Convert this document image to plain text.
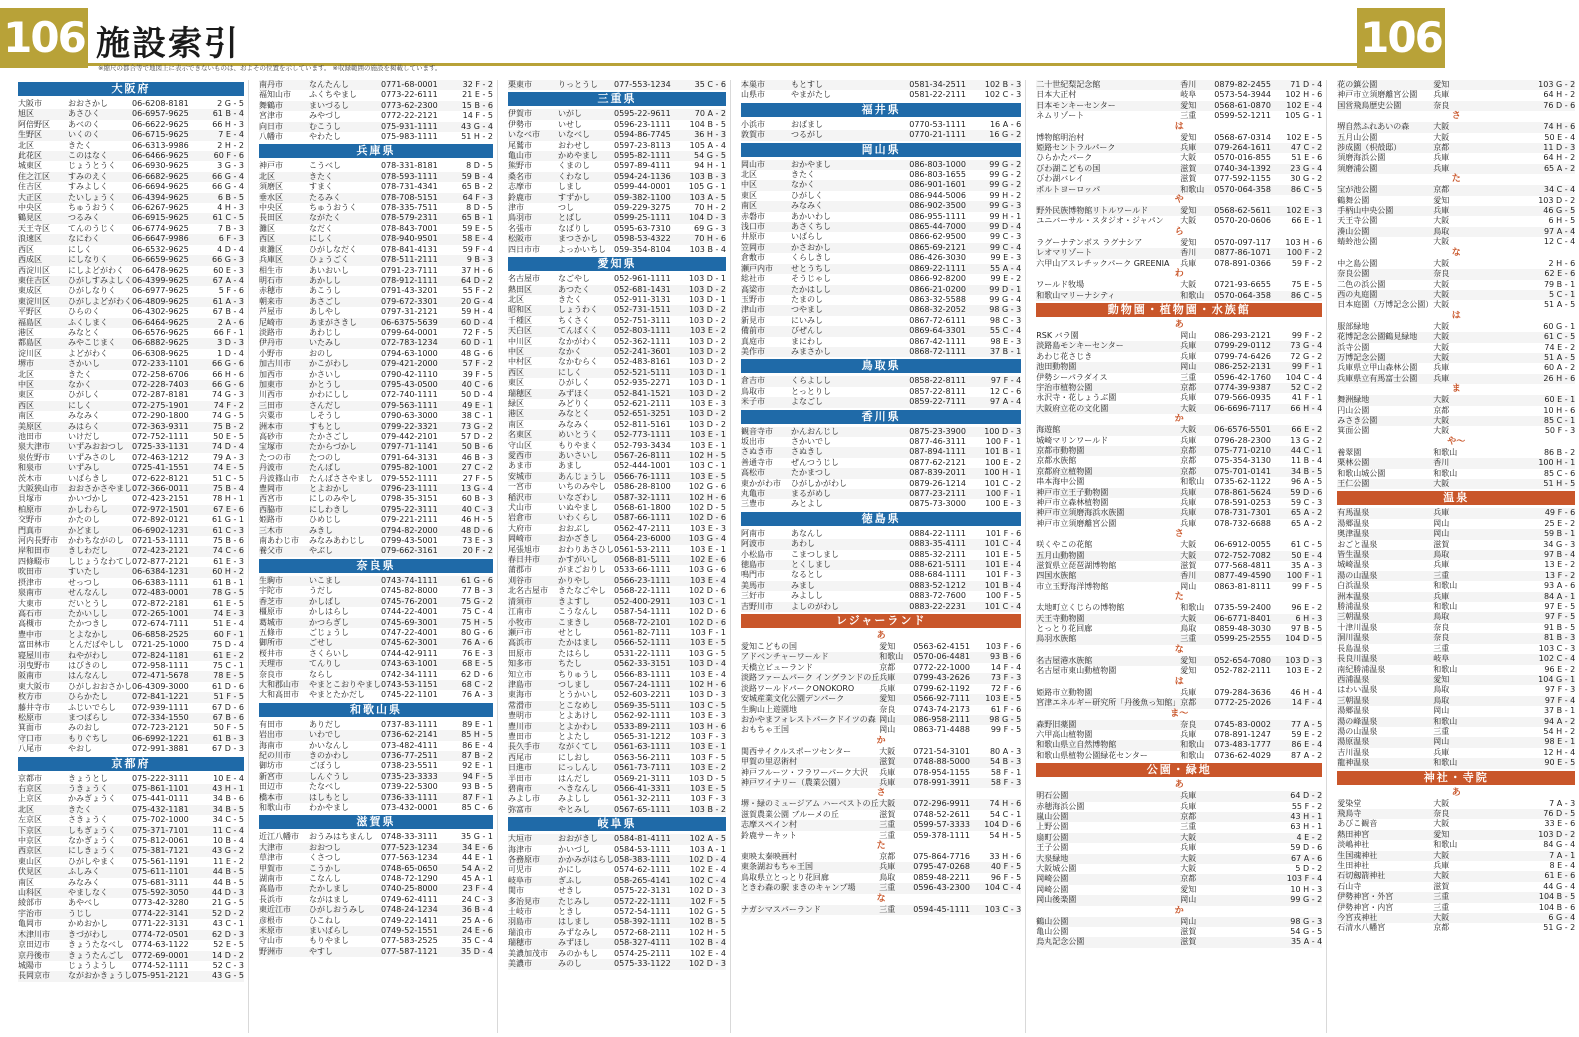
106	106
施設索引
※縮尺の都合等で地図上に表示できないものは、およその位置を示しています。 ※収録範囲の施設を掲載しています。
大阪府
大阪市	おおさかし	06-6208-8181	2 G - 5
旭区	あさひく	06-6957-9625	61 B - 4
阿倍野区	あべのく	06-6622-9625	66 H - 3
生野区	いくのく	06-6715-9625	7 E - 4
北区	きたく	06-6313-9986	2 H - 2
此花区	このはなく	06-6466-9625	60 F - 6
城東区	じょうとうく	06-6930-9625	3 G - 3
住之江区	すみのえく	06-6682-9625	66 G - 4
住吉区	すみよしく	06-6694-9625	66 G - 4
大正区	たいしょうく	06-4394-9625	6 B - 5
中央区	ちゅうおうく	06-6267-9625	4 H - 3
鶴見区	つるみく	06-6915-9625	61 C - 5
天王寺区	てんのうじく	06-6774-9625	7 B - 3
浪速区	なにわく	06-6647-9986	6 F - 3
西区	にしく	06-6532-9625	4 D - 4
西成区	にしなりく	06-6659-9625	66 G - 3
西淀川区	にしよどがわく	06-6478-9625	60 E - 3
東住吉区	ひがしすみよしく 06-4399-9625	67 A - 4
東成区	ひがしなりく	06-6977-9625	5 F - 6
東淀川区	ひがしよどがわく 06-4809-9625	61 A - 3
平野区	ひらのく	06-4302-9625	67 B - 4
福島区	ふくしまく	06-6464-9625	2 A - 6
港区	みなとく	06-6576-9625	66 F - 1
都島区	みやこじまく	06-6882-9625	3 D - 3
淀川区	よどがわく	06-6308-9625	1 D - 4
堺市	さかいし	072-233-1101	66 G - 6
北区	きたく	072-258-6706	66 H - 6
中区	なかく	072-228-7403	66 G - 6
東区	ひがしく	072-287-8181	74 G - 3
西区	にしく	072-275-1901	74 F - 2
南区	みなみく	072-290-1800	74 G - 5
美原区	みはらく	072-363-9311	75 B - 2
池田市	いけだし	072-752-1111	50 E - 5
泉大津市	いずみおおつし	0725-33-1131	74 D - 4
泉佐野市	いずみさのし	072-463-1212	79 A - 3
和泉市	いずみし	0725-41-1551	74 E - 5
茨木市	いばらきし	072-622-8121	51 C - 5
大阪狭山市	おおさかさやまし 072-366-0011	75 B - 4
貝塚市	かいづかし	072-423-2151	78 H - 1
柏原市	かしわらし	072-972-1501	67 E - 6
交野市	かたのし	072-892-0121	61 G - 1
門真市	かどまし	06-6902-1231	61 C - 3
河内長野市	かわちながのし	0721-53-1111	75 B - 6
岸和田市	きしわだし	072-423-2121	74 C - 6
四條畷市	しじょうなわてし 072-877-2121	61 E - 3
吹田市	すいたし	06-6384-1231	60 H - 2
摂津市	せっつし	06-6383-1111	61 B - 1
泉南市	せんなんし	072-483-0001	78 G - 5
大東市	だいとうし	072-872-2181	61 E - 5
高石市	たかいしし	072-265-1001	74 E - 3
高槻市	たかつきし	072-674-7111	51 E - 4
豊中市	とよなかし	06-6858-2525	60 F - 1
富田林市	とんだばやしし	0721-25-1000	75 D - 4
寝屋川市	ねやがわし	072-824-1181	61 E - 2
羽曳野市	はびきのし	072-958-1111	75 C - 1
阪南市	はんなんし	072-471-5678	78 E - 5
東大阪市	ひがしおおさかし 06-4309-3000	61 D - 6
枚方市	ひらかたし	072-841-1221	51 F - 5
藤井寺市	ふじいでらし	072-939-1111	67 D - 6
松原市	まつばらし	072-334-1550	67 B - 6
箕面市	みのおし	072-723-2121	50 F - 5
守口市	もりぐちし	06-6992-1221	61 B - 3
八尾市	やおし	072-991-3881	67 D - 3
京都府
京都市	きょうとし	075-222-3111	10 E - 4
右京区	うきょうく	075-861-1101	43 H - 1
上京区	かみぎょうく	075-441-0111	34 B - 6
北区	きたく	075-432-1181	34 B - 5
左京区	さきょうく	075-702-1000	34 C - 5
下京区	しもぎょうく	075-371-7101	11 C - 4
中京区	なかぎょうく	075-812-0061	10 B - 4
西京区	にしきょうく	075-381-7121	43 G - 2
東山区	ひがしやまく	075-561-1191	11 E - 2
伏見区	ふしみく	075-611-1101	44 B - 5
南区	みなみく	075-681-3111	44 B - 5
山科区	やましなく	075-592-3050	44 D - 3
綾部市	あやべし	0773-42-3280	21 G - 5
宇治市	うじし	0774-22-3141	52 D - 2
亀岡市	かめおかし	0771-22-3131	43 C - 1
木津川市	きづがわし	0774-72-0501	62 D - 3
京田辺市	きょうたなべし	0774-63-1122	52 E - 5
京丹後市	きょうたんごし	0772-69-0001	14 D - 2
城陽市	じょうようし	0774-52-1111	52 C - 3
長岡京市	ながおかきょうし 075-951-2121	43 G - 5
南丹市	なんたんし	0771-68-0001	32 F - 2
福知山市	ふくちやまし	0773-22-6111	21 E - 5
舞鶴市	まいづるし	0773-62-2300	15 B - 6
宮津市	みやづし	0772-22-2121	14 F - 5
向日市	むこうし	075-931-1111	43 G - 4
八幡市	やわたし	075-983-1111	51 H - 2
兵庫県
神戸市	こうべし	078-331-8181	8 D - 5
北区	きたく	078-593-1111	59 B - 4
須磨区	すまく	078-731-4341	65 B - 2
垂水区	たるみく	078-708-5151	64 F - 3
中央区	ちゅうおうく	078-335-7511	8 D - 5
長田区	ながたく	078-579-2311	65 B - 1
灘区	なだく	078-843-7001	59 E - 5
西区	にしく	078-940-9501	58 E - 4
東灘区	ひがしなだく	078-841-4131	59 F - 4
兵庫区	ひょうごく	078-511-2111	9 B - 3
相生市	あいおいし	0791-23-7111	37 H - 6
明石市	あかしし	078-912-1111	64 D - 2
赤穂市	あこうし	0791-43-3201	55 F - 2
朝来市	あさごし	079-672-3301	20 G - 4
芦屋市	あしやし	0797-31-2121	59 H - 4
尼崎市	あまがさきし	06-6375-5639	60 D - 4
淡路市	あわじし	0799-64-0001	72 F - 5
伊丹市	いたみし	072-783-1234	60 D - 1
小野市	おのし	0794-63-1000	48 G - 6
加古川市	かこがわし	079-421-2000	57 F - 2
加西市	かさいし	0790-42-1110	39 F - 5
加東市	かとうし	0795-43-0500	40 C - 6
川西市	かわにしし	072-740-1111	50 D - 4
三田市	さんだし	079-563-1111	49 E - 1
宍粟市	しそうし	0790-63-3000	38 C - 1
洲本市	すもとし	0799-22-3321	73 G - 2
高砂市	たかさごし	079-442-2101	57 D - 2
宝塚市	たからづかし	0797-71-1141	50 B - 6
たつの市	たつのし	0791-64-3131	46 B - 3
丹波市	たんばし	0795-82-1001	27 C - 2
丹波篠山市	たんばささやまし	079-552-1111	27 F - 5
豊岡市	とよおかし	0796-23-1111	13 G - 4
西宮市	にしのみやし	0798-35-3151	60 B - 3
西脇市	にしわきし	0795-22-3111	40 C - 3
姫路市	ひめじし	079-221-2111	46 H - 5
三木市	みきし	0794-82-2000	48 D - 6
南あわじ市	みなみあわじし	0799-43-5001	73 E - 3
養父市	やぶし	079-662-3161	20 F - 2
奈良県
生駒市	いこまし	0743-74-1111	61 G - 6
宇陀市	うだし	0745-82-8000	77 B - 3
香芝市	かしばし	0745-76-2001	75 G - 2
橿原市	かしはらし	0744-22-4001	75 C - 4
葛城市	かつらぎし	0745-69-3001	75 H - 5
五條市	ごじょうし	0747-22-4001	80 G - 6
御所市	ごせし	0745-62-3001	76 A - 6
桜井市	さくらいし	0744-42-9111	76 E - 3
天理市	てんりし	0743-63-1001	68 E - 5
奈良市	ならし	0742-34-1111	62 D - 6
大和郡山市	やまとこおりやまし 0743-53-1151	68 C - 2
大和高田市	やまとたかだし	0745-22-1101	76 A - 3
和歌山県
有田市	ありだし	0737-83-1111	89 E - 1
岩出市	いわでし	0736-62-2141	85 H - 5
海南市	かいなんし	073-482-4111	86 E - 4
紀の川市	きのかわし	0736-77-2511	87 B - 2
御坊市	ごぼうし	0738-23-5511	92 E - 1
新宮市	しんぐうし	0735-23-3333	94 F - 5
田辺市	たなべし	0739-22-5300	93 B - 5
橋本市	はしもとし	0736-33-1111	87 F - 1
和歌山市	わかやまし	073-432-0001	85 C - 6
滋賀県
近江八幡市	おうみはちまんし	0748-33-3111	35 G - 1
大津市	おおつし	077-523-1234	34 E - 6
草津市	くさつし	077-563-1234	44 E - 1
甲賀市	こうかし	0748-65-0650	54 A - 2
湖南市	こなんし	0748-72-1290	45 A - 1
高島市	たかしまし	0740-25-8000	23 F - 4
長浜市	ながはまし	0749-62-4111	24 C - 3
東近江市	ひがしおうみし	0748-24-1234	36 B - 4
彦根市	ひこねし	0749-22-1411	25 A - 6
米原市	まいばらし	0749-52-1551	24 E - 6
守山市	もりやまし	077-583-2525	35 C - 4
野洲市	やすし	077-587-1121	35 D - 4
栗東市	りっとうし	077-553-1234	35 C - 6
三重県
伊賀市	いがし	0595-22-9611	70 A - 2
伊勢市	いせし	0596-23-1111	104 B - 5
いなべ市	いなべし	0594-86-7745	36 H - 3
尾鷲市	おわせし	0597-23-8113	105 A - 4
亀山市	かめやまし	0595-82-1111	54 G - 5
熊野市	くまのし	0597-89-4111	94 H - 1
桑名市	くわなし	0594-24-1136	103 B - 3
志摩市	しまし	0599-44-0001	105 G - 1
鈴鹿市	すずかし	059-382-1100	103 A - 5
津市	つし	059-229-3275	70 H - 2
鳥羽市	とばし	0599-25-1111	104 D - 3
名張市	なばりし	0595-63-7310	69 G - 3
松阪市	まつさかし	0598-53-4322	70 H - 6
四日市市	よっかいちし	059-354-8104	103 B - 4
愛知県
名古屋市	なごやし	052-961-1111	103 D - 1
熱田区	あつたく	052-681-1431	103 D - 2
北区	きたく	052-911-3131	103 D - 1
昭和区	しょうわく	052-731-1511	103 D - 2
千種区	ちくさく	052-751-3111	103 D - 2
天白区	てんぱくく	052-803-1111	103 E - 2
中川区	なかがわく	052-362-1111	103 D - 2
中区	なかく	052-241-3601	103 D - 2
中村区	なかむらく	052-483-8161	103 D - 2
西区	にしく	052-521-5111	103 D - 1
東区	ひがしく	052-935-2271	103 D - 1
瑞穂区	みずほく	052-841-1521	103 D - 2
緑区	みどりく	052-621-2111	103 E - 3
港区	みなとく	052-651-3251	103 D - 2
南区	みなみく	052-811-5161	103 D - 2
名東区	めいとうく	052-773-1111	103 E - 1
守山区	もりやまく	052-793-3434	103 E - 1
愛西市	あいさいし	0567-26-8111	102 H - 5
あま市	あまし	052-444-1001	103 C - 1
安城市	あんじょうし	0566-76-1111	103 E - 5
一宮市	いちのみやし	0586-28-8100	102 G - 6
稲沢市	いなざわし	0587-32-1111	102 H - 6
犬山市	いぬやまし	0568-61-1800	102 D - 5
岩倉市	いわくらし	0587-66-1111	102 D - 6
大府市	おおぶし	0562-47-2111	103 E - 3
岡崎市	おかざきし	0564-23-6000	103 G - 4
尾張旭市	おわりあさひし 0561-53-2111	103 E - 1
春日井市	かすがいし	0568-81-5111	102 E - 6
蒲郡市	がまごおりし	0533-66-1111	103 G - 6
刈谷市	かりやし	0566-23-1111	103 E - 4
北名古屋市	きたなごやし	0568-22-1111	102 D - 6
清須市	きよすし	052-400-2911	103 C - 1
江南市	こうなんし	0587-54-1111	102 D - 6
小牧市	こまきし	0568-72-2101	102 D - 6
瀬戸市	せとし	0561-82-7111	103 F - 1
高浜市	たかはまし	0566-52-1111	103 E - 5
田原市	たはらし	0531-22-1111	103 G - 5
知多市	ちたし	0562-33-3151	103 D - 4
知立市	ちりゅうし	0566-83-1111	103 E - 4
津島市	つしまし	0567-24-1111	102 H - 6
東海市	とうかいし	052-603-2211	103 D - 3
常滑市	とこなめし	0569-35-5111	103 C - 5
豊明市	とよあけし	0562-92-1111	103 E - 3
豊川市	とよかわし	0533-89-2111	103 H - 6
豊田市	とよたし	0565-31-1212	103 F - 3
長久手市	ながくてし	0561-63-1111	103 E - 1
西尾市	にしおし	0563-56-2111	103 F - 5
日進市	にっしんし	0561-73-7111	103 E - 2
半田市	はんだし	0569-21-3111	103 D - 5
碧南市	へきなんし	0566-41-3311	103 E - 5
みよし市	みよしし	0561-32-2111	103 F - 3
弥富市	やとみし	0567-65-1111	103 B - 2
岐阜県
大垣市	おおがきし	0584-81-4111	102 A - 5
海津市	かいづし	0584-53-1111	103 A - 1
各務原市	かかみがはらし 058-383-1111	102 D - 4
可児市	かにし	0574-62-1111	102 E - 4
岐阜市	ぎふし	058-265-4141	102 C - 4
関市	せきし	0575-22-3131	102 D - 3
多治見市	たじみし	0572-22-1111	102 F - 5
土岐市	ときし	0572-54-1111	102 G - 5
羽島市	はしまし	058-392-1111	102 B - 5
瑞浪市	みずなみし	0572-68-2111	102 H - 5
瑞穂市	みずほし	058-327-4111	102 B - 4
美濃加茂市	みのかもし	0574-25-2111	102 E - 4
美濃市	みのし	0575-33-1122	102 D - 3
本巣市	もとすし	0581-34-2511	102 B - 3
山県市	やまがたし	0581-22-2111	102 C - 3
福井県
小浜市	おばまし	0770-53-1111	16 A - 6
敦賀市	つるがし	0770-21-1111	16 G - 2
岡山県
岡山市	おかやまし	086-803-1000	99 G - 2
北区	きたく	086-803-1655	99 G - 2
中区	なかく	086-901-1601	99 G - 2
東区	ひがしく	086-944-5006	99 H - 2
南区	みなみく	086-902-3500	99 G - 3
赤磐市	あかいわし	086-955-1111	99 H - 1
浅口市	あさくちし	0865-44-7000	99 D - 4
井原市	いばらし	0866-62-9500	99 C - 3
笠岡市	かさおかし	0865-69-2121	99 C - 4
倉敷市	くらしきし	086-426-3030	99 E - 3
瀬戸内市	せとうちし	0869-22-1111	55 A - 4
総社市	そうじゃし	0866-92-8200	99 E - 2
高梁市	たかはしし	0866-21-0200	99 D - 1
玉野市	たまのし	0863-32-5588	99 G - 4
津山市	つやまし	0868-32-2052	98 G - 3
新見市	にいみし	0867-72-6111	98 C - 3
備前市	びぜんし	0869-64-3301	55 C - 4
真庭市	まにわし	0867-42-1111	98 E - 3
美作市	みまさかし	0868-72-1111	37 B - 1
鳥取県
倉吉市	くらよしし	0858-22-8111	97 F - 4
鳥取市	とっとりし	0857-22-8111	12 C - 6
米子市	よなごし	0859-22-7111	97 A - 4
香川県
観音寺市	かんおんじし	0875-23-3900	100 D - 3
坂出市	さかいでし	0877-46-3111	100 F - 1
さぬき市	さぬきし	087-894-1111	101 B - 1
善通寺市	ぜんつうじし	0877-62-2121	100 E - 2
高松市	たかまつし	087-839-2011	100 H - 1
東かがわ市	ひがしかがわし	0879-26-1214	101 C - 2
丸亀市	まるがめし	0877-23-2111	100 F - 1
三豊市	みとよし	0875-73-3000	100 E - 3
徳島県
阿南市	あなんし	0884-22-1111	101 F - 6
阿波市	あわし	0883-35-4111	101 C - 4
小松島市	こまつしまし	0885-32-2111	101 E - 5
徳島市	とくしまし	088-621-5111	101 E - 4
鳴門市	なるとし	088-684-1111	101 F - 3
美馬市	みまし	0883-52-1212	101 B - 4
三好市	みよしし	0883-72-7600	100 F - 5
吉野川市	よしのがわし	0883-22-2231	101 C - 4
レジャーランド
あ
愛知こどもの国	愛知	0563-62-4151	103 F - 6
アドベンチャーワールド	和歌山	0570-06-4481	93 B - 6
天橋立ビューランド	京都	0772-22-1000	14 F - 4
淡路ファームパーク イングランドの丘 兵庫	0799-43-2626	73 F - 3
淡路ワールドパークONOKORO	兵庫	0799-62-1192	72 F - 6
安城産業文化公園デンパーク	愛知	0566-92-7111	103 E - 5
生駒山上遊園地	奈良	0743-74-2173	61 F - 6
おかやまフォレストパークドイツの森 岡山	086-958-2111	98 G - 5
おもちゃ王国	岡山	0863-71-4488	99 F - 5
か
関西サイクルスポーツセンター	大阪	0721-54-3101	80 A - 3
甲賀の里忍術村	滋賀	0748-88-5000	54 B - 3
神戸フルーツ・フラワーパーク大沢	兵庫	078-954-1155	58 F - 1
神戸ワイナリー（農業公園）	兵庫	078-991-3911	58 F - 3
さ
堺・緑のミュージアム ハーベストの丘 大阪	072-296-9911	74 H - 6
滋賀農業公園 ブルーメの丘	滋賀	0748-52-2611	54 C - 1
志摩スペイン村	三重	0599-57-3333	104 D - 6
鈴鹿サーキット	三重	059-378-1111	54 H - 5
た
東映太秦映画村	京都	075-864-7716	33 H - 6
東条湖おもちゃ王国	兵庫	0795-47-0268	40 F - 5
鳥取県立とっとり花回廊	鳥取	0859-48-2211	96 F - 5
ときわ森の駅 まきのキャンプ場	三重	0596-43-2300	104 C - 4
な
ナガシマスパーランド	三重	0594-45-1111	103 C - 3
二十世紀梨記念館	香川	0879-82-2455	71 D - 4
日本大正村	岐阜	0573-54-3944	102 H - 6
日本モンキーセンター	愛知	0568-61-0870	102 E - 4
ネムリゾート	三重	0599-52-1211	105 G - 1
は
博物館明治村	愛知	0568-67-0314	102 E - 5
姫路セントラルパーク	兵庫	079-264-1611	47 C - 2
ひらかたパーク	大阪	0570-016-855	51 E - 6
びわ湖こどもの国	滋賀	0740-34-1392	23 G - 4
びわ湖バレイ	滋賀	077-592-1155	30 G - 2
ポルトヨーロッパ	和歌山	0570-064-358	86 C - 5
や
野外民族博物館リトルワールド	愛知	0568-62-5611	102 E - 3
ユニバーサル・スタジオ・ジャパン	大阪	0570-20-0606	66 E - 1
ら
ラグーナテンボス ラグナシア	愛知	0570-097-117	103 H - 6
レオマリゾート	香川	0877-86-1071	100 F - 2
六甲山アスレチックパーク GREENIA	兵庫	078-891-0366	59 F - 2
わ
ワールド牧場	大阪	0721-93-6655	75 E - 5
和歌山マリーナシティ	和歌山	0570-064-358	86 C - 5
動物園・植物園・水族館
あ
RSK バラ園	岡山	086-293-2121	99 F - 2
淡路島モンキーセンター	兵庫	0799-29-0112	73 G - 4
あわじ花さじき	兵庫	0799-74-6426	72 G - 2
池田動物園	岡山	086-252-2131	99 F - 1
伊勢シーパラダイス	三重	0596-42-1760	104 C - 4
宇治市植物公園	京都	0774-39-9387	52 C - 2
永沢寺・花しょうぶ園	兵庫	079-566-0935	41 F - 1
大阪府立花の文化園	大阪	06-6696-7117	66 H - 4
か
海遊館	大阪	06-6576-5501	66 E - 2
城崎マリンワールド	兵庫	0796-28-2300	13 G - 2
京都市動物園	京都	075-771-0210	44 C - 1
京都水族館	京都	075-354-3130	11 B - 4
京都府立植物園	京都	075-701-0141	34 B - 5
串本海中公園	和歌山	0735-62-1122	96 A - 5
神戸市立王子動物園	兵庫	078-861-5624	59 D - 6
神戸市立森林植物園	兵庫	078-591-0253	59 C - 3
神戸市立須磨海浜水族園	兵庫	078-731-7301	65 A - 2
神戸市立須磨離宮公園	兵庫	078-732-6688	65 A - 2
さ
咲くやこの花館	大阪	06-6912-0055	61 C - 5
五月山動物園	大阪	072-752-7082	50 E - 4
滋賀県立琵琶湖博物館	滋賀	077-568-4811	35 A - 3
四国水族館	香川	0877-49-4590	100 F - 1
市立玉野海洋博物館	岡山	0863-81-8111	99 F - 5
た
太地町立くじらの博物館	和歌山	0735-59-2400	96 E - 2
天王寺動物園	大阪	06-6771-8401	6 H - 3
とっとり花回廊	鳥取	0859-48-3030	97 B - 5
鳥羽水族館	三重	0599-25-2555	104 D - 5
な
名古屋港水族館	愛知	052-654-7080	103 D - 3
名古屋市東山動植物園	愛知	052-782-2111	103 E - 2
は
姫路市立動物園	兵庫	079-284-3636	46 H - 4
宮津エネルギー研究所「丹後魚っ知館」 京都	0772-25-2026	14 F - 4
ま〜
森野旧薬園	奈良	0745-83-0002	77 A - 5
六甲高山植物園	兵庫	078-891-1247	59 E - 2
和歌山県立自然博物館	和歌山	073-483-1777	86 E - 4
和歌山県植物公園緑花センター	和歌山	0736-62-4029	87 A - 2
公園・緑地
あ
明石公園	兵庫	64 D - 2
赤穂海浜公園	兵庫	55 F - 2
嵐山公園	京都	43 H - 1
上野公園	三重	63 H - 1
扇町公園	大阪	4 E - 2
王子公園	兵庫	59 D - 6
大泉緑地	大阪	67 A - 6
大阪城公園	大阪	5 D - 2
岡崎公園	京都	103 F - 4
岡崎公園	愛知	10 H - 3
岡山後楽園	岡山	99 G - 2
か
鶴山公園	岡山	98 G - 3
亀山公園	滋賀	54 G - 5
烏丸記念公園	滋賀	35 A - 4
花の鎮公園	愛知	103 G - 2
神戸市立須磨離宮公園	兵庫	64 H - 2
国営飛鳥歴史公園	奈良	76 D - 6
さ
堺自然ふれあいの森	大阪	74 H - 6
五月山公園	大阪	50 E - 4
渉成園（枳殻邸）	京都	11 D - 3
須磨海浜公園	兵庫	64 H - 2
須磨浦公園	兵庫	65 A - 2
た
宝が池公園	京都	34 C - 4
鶴舞公園	愛知	103 D - 2
手柄山中央公園	兵庫	46 G - 5
天王寺公園	大阪	6 H - 5
湊山公園	鳥取	97 A - 4
蜻蛉池公園	大阪	12 C - 4
な
中之島公園	大阪	2 H - 6
奈良公園	奈良	62 E - 6
二色の浜公園	大阪	79 B - 1
西の丸庭園	大阪	5 C - 1
日本庭園（万博記念公園） 大阪	51 A - 5
は
服部緑地	大阪	60 G - 1
花博記念公園鶴見緑地	大阪	61 C - 5
浜寺公園	大阪	74 E - 2
万博記念公園	大阪	51 A - 5
兵庫県立甲山森林公園	兵庫	60 A - 2
兵庫県立有馬富士公園	兵庫	26 H - 6
ま
舞洲緑地	大阪	60 E - 1
円山公園	京都	10 H - 6
みさき公園	大阪	85 C - 1
箕面公園	大阪	50 F - 3
や〜
養翠園	和歌山	86 B - 2
栗林公園	香川	100 H - 1
和歌山城公園	和歌山	85 C - 6
王仁公園	大阪	51 H - 5
温泉
有馬温泉	兵庫	49 F - 6
湯郷温泉	岡山	25 E - 2
奥津温泉	岡山	59 B - 1
おごと温泉	滋賀	34 G - 3
皆生温泉	鳥取	97 B - 4
城崎温泉	兵庫	13 E - 2
湯の山温泉	三重	13 F - 2
白浜温泉	和歌山	93 A - 6
洲本温泉	兵庫	84 A - 1
勝浦温泉	和歌山	97 E - 5
三朝温泉	鳥取	97 F - 5
十津川温泉	奈良	91 B - 5
洞川温泉	奈良	81 B - 3
長島温泉	三重	103 C - 3
長良川温泉	岐阜	102 C - 4
南紀勝浦温泉	和歌山	96 E - 2
西浦温泉	愛知	104 G - 1
はわい温泉	鳥取	97 F - 3
三朝温泉	鳥取	97 F - 4
湯郷温泉	岡山	37 B - 1
湯の峰温泉	和歌山	94 A - 2
湯の山温泉	三重	54 H - 2
湯原温泉	岡山	98 E - 1
吉川温泉	兵庫	12 H - 4
龍神温泉	和歌山	90 E - 5
神社・寺院
あ
愛染堂	大阪	7 A - 3
飛鳥寺	奈良	76 D - 5
あびこ観音	大阪	33 E - 6
熱田神宮	愛知	103 D - 2
淡嶋神社	和歌山	84 G - 4
生国魂神社	大阪	7 A - 1
生田神社	兵庫	8 E - 4
石切劔箭神社	大阪	61 E - 6
石山寺	滋賀	44 G - 4
伊勢神宮・外宮	三重	104 B - 5
伊勢神宮・内宮	三重	104 B - 6
今宮戎神社	大阪	6 G - 4
石清水八幡宮	京都	51 G - 2
